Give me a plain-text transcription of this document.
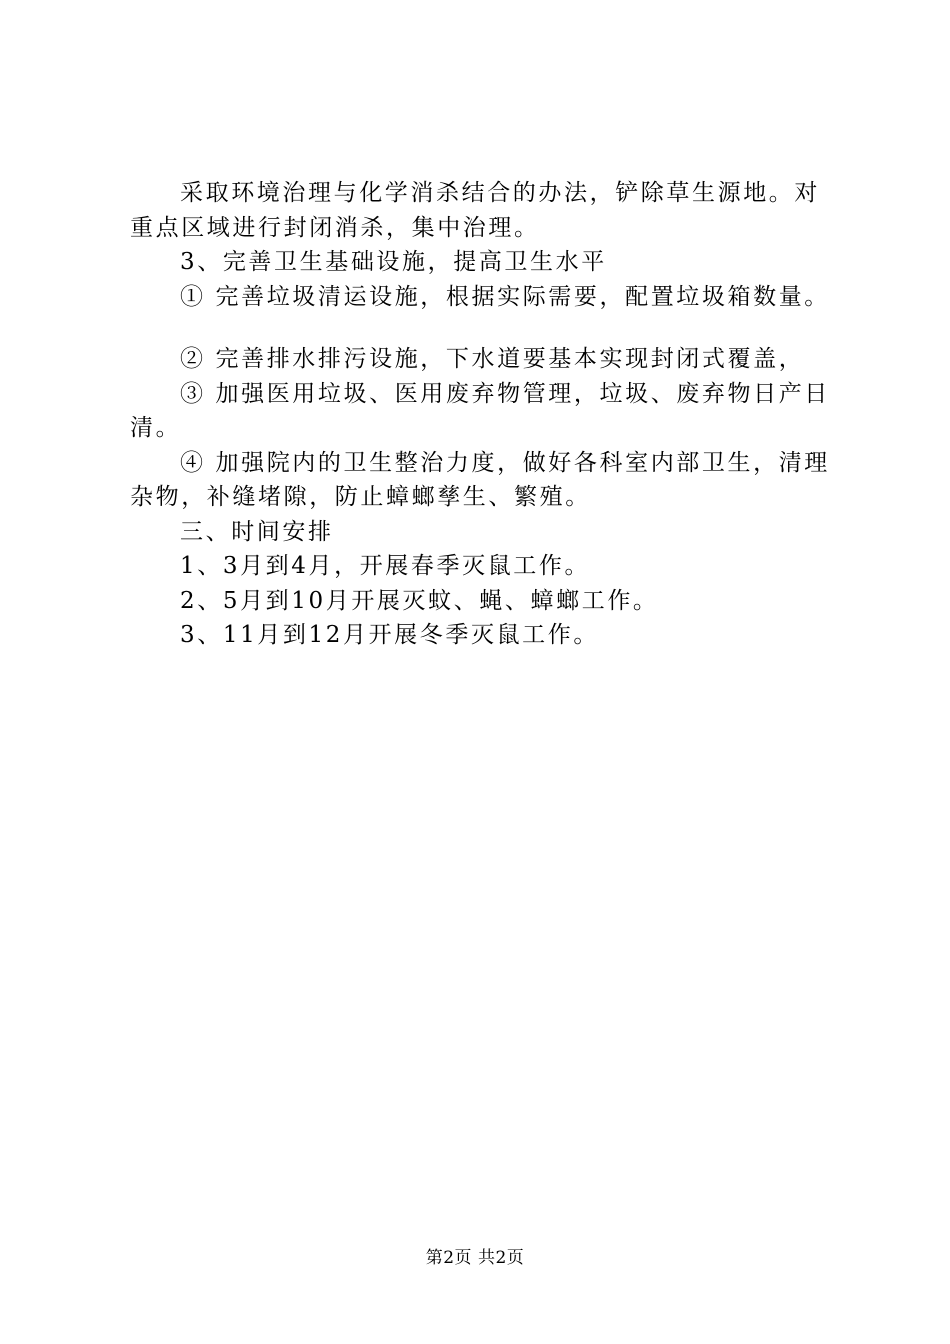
采取环境治理与化学消杀结合的办法，铲除草生源地。对重点区域进行封闭消杀，集中治理。

3、完善卫生基础设施，提高卫生水平

① 完善垃圾清运设施，根据实际需要，配置垃圾箱数量。

② 完善排水排污设施，下水道要基本实现封闭式覆盖，

③ 加强医用垃圾、医用废弃物管理，垃圾、废弃物日产日清。

④ 加强院内的卫生整治力度，做好各科室内部卫生，清理杂物，补缝堵隙，防止蟑螂孳生、繁殖。

三、时间安排

1、3月到4月，开展春季灭鼠工作。

2、5月到10月开展灭蚊、蝇、蟑螂工作。

3、11月到12月开展冬季灭鼠工作。

第2页 共2页
